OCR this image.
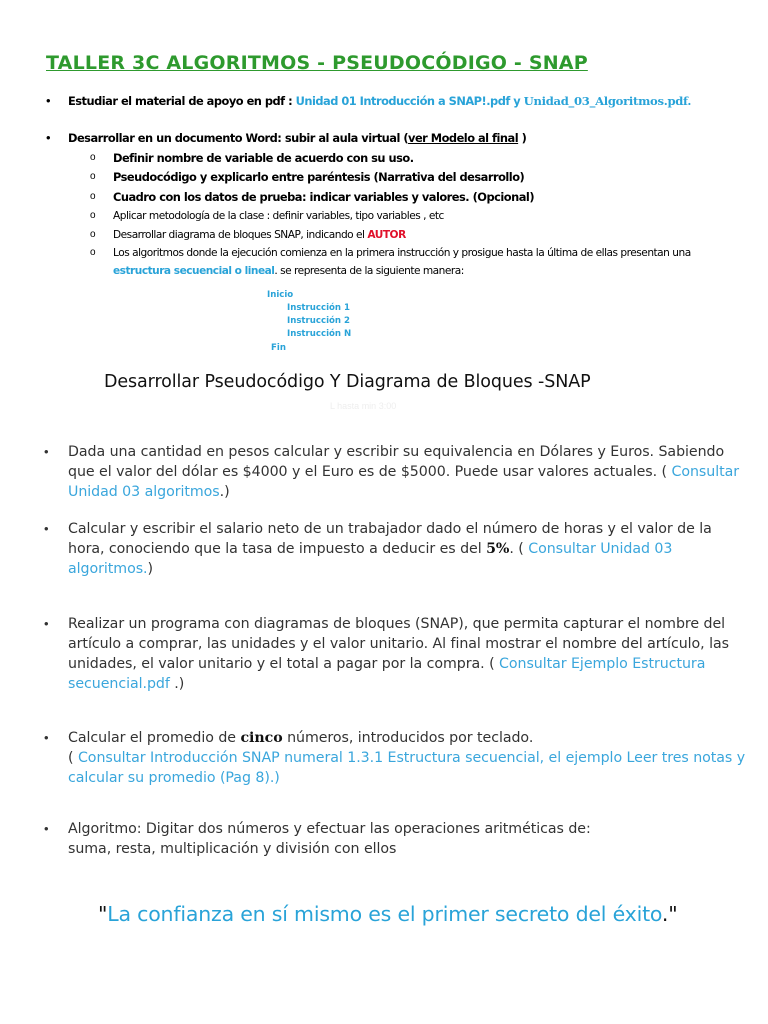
TALLER 3C ALGORITMOS - PSEUDOCÓDIGO - SNAP
• Estudiar el material de apoyo en pdf : Unidad 01 Introducción a SNAP!.pdf y Unidad_03_Algoritmos.pdf.
• Desarrollar en un documento Word: subir al aula virtual (ver Modelo al final )
o Definir nombre de variable de acuerdo con su uso.
o Pseudocódigo y explicarlo entre paréntesis (Narrativa del desarrollo)
o Cuadro con los datos de prueba: indicar variables y valores. (Opcional)
o Aplicar metodología de la clase : definir variables, tipo variables , etc
o Desarrollar diagrama de bloques SNAP, indicando el AUTOR
o Los algoritmos donde la ejecución comienza en la primera instrucción y prosigue hasta la última de ellas presentan una
estructura secuencial o lineal. se representa de la siguiente manera:
Inicio
Instrucción 1
Instrucción 2
Instrucción N
Fin
Desarrollar Pseudocódigo Y Diagrama de Bloques -SNAP
L hasta min 3:00
• Dada una cantidad en pesos calcular y escribir su equivalencia en Dólares y Euros. Sabiendo que el valor del dólar es $4000 y el Euro es de $5000. Puede usar valores actuales. ( Consultar Unidad 03 algoritmos.)
• Calcular y escribir el salario neto de un trabajador dado el número de horas y el valor de la hora, conociendo que la tasa de impuesto a deducir es del 5%. ( Consultar Unidad 03 algoritmos.)
• Realizar un programa con diagramas de bloques (SNAP), que permita capturar el nombre del artículo a comprar, las unidades y el valor unitario. Al final mostrar el nombre del artículo, las unidades, el valor unitario y el total a pagar por la compra. ( Consultar Ejemplo Estructura secuencial.pdf .)
• Calcular el promedio de cinco números, introducidos por teclado.
( Consultar Introducción SNAP numeral 1.3.1 Estructura secuencial, el ejemplo Leer tres notas y calcular su promedio (Pag 8).)
• Algoritmo: Digitar dos números y efectuar las operaciones aritméticas de:
suma, resta, multiplicación y división con ellos
"La confianza en sí mismo es el primer secreto del éxito."
